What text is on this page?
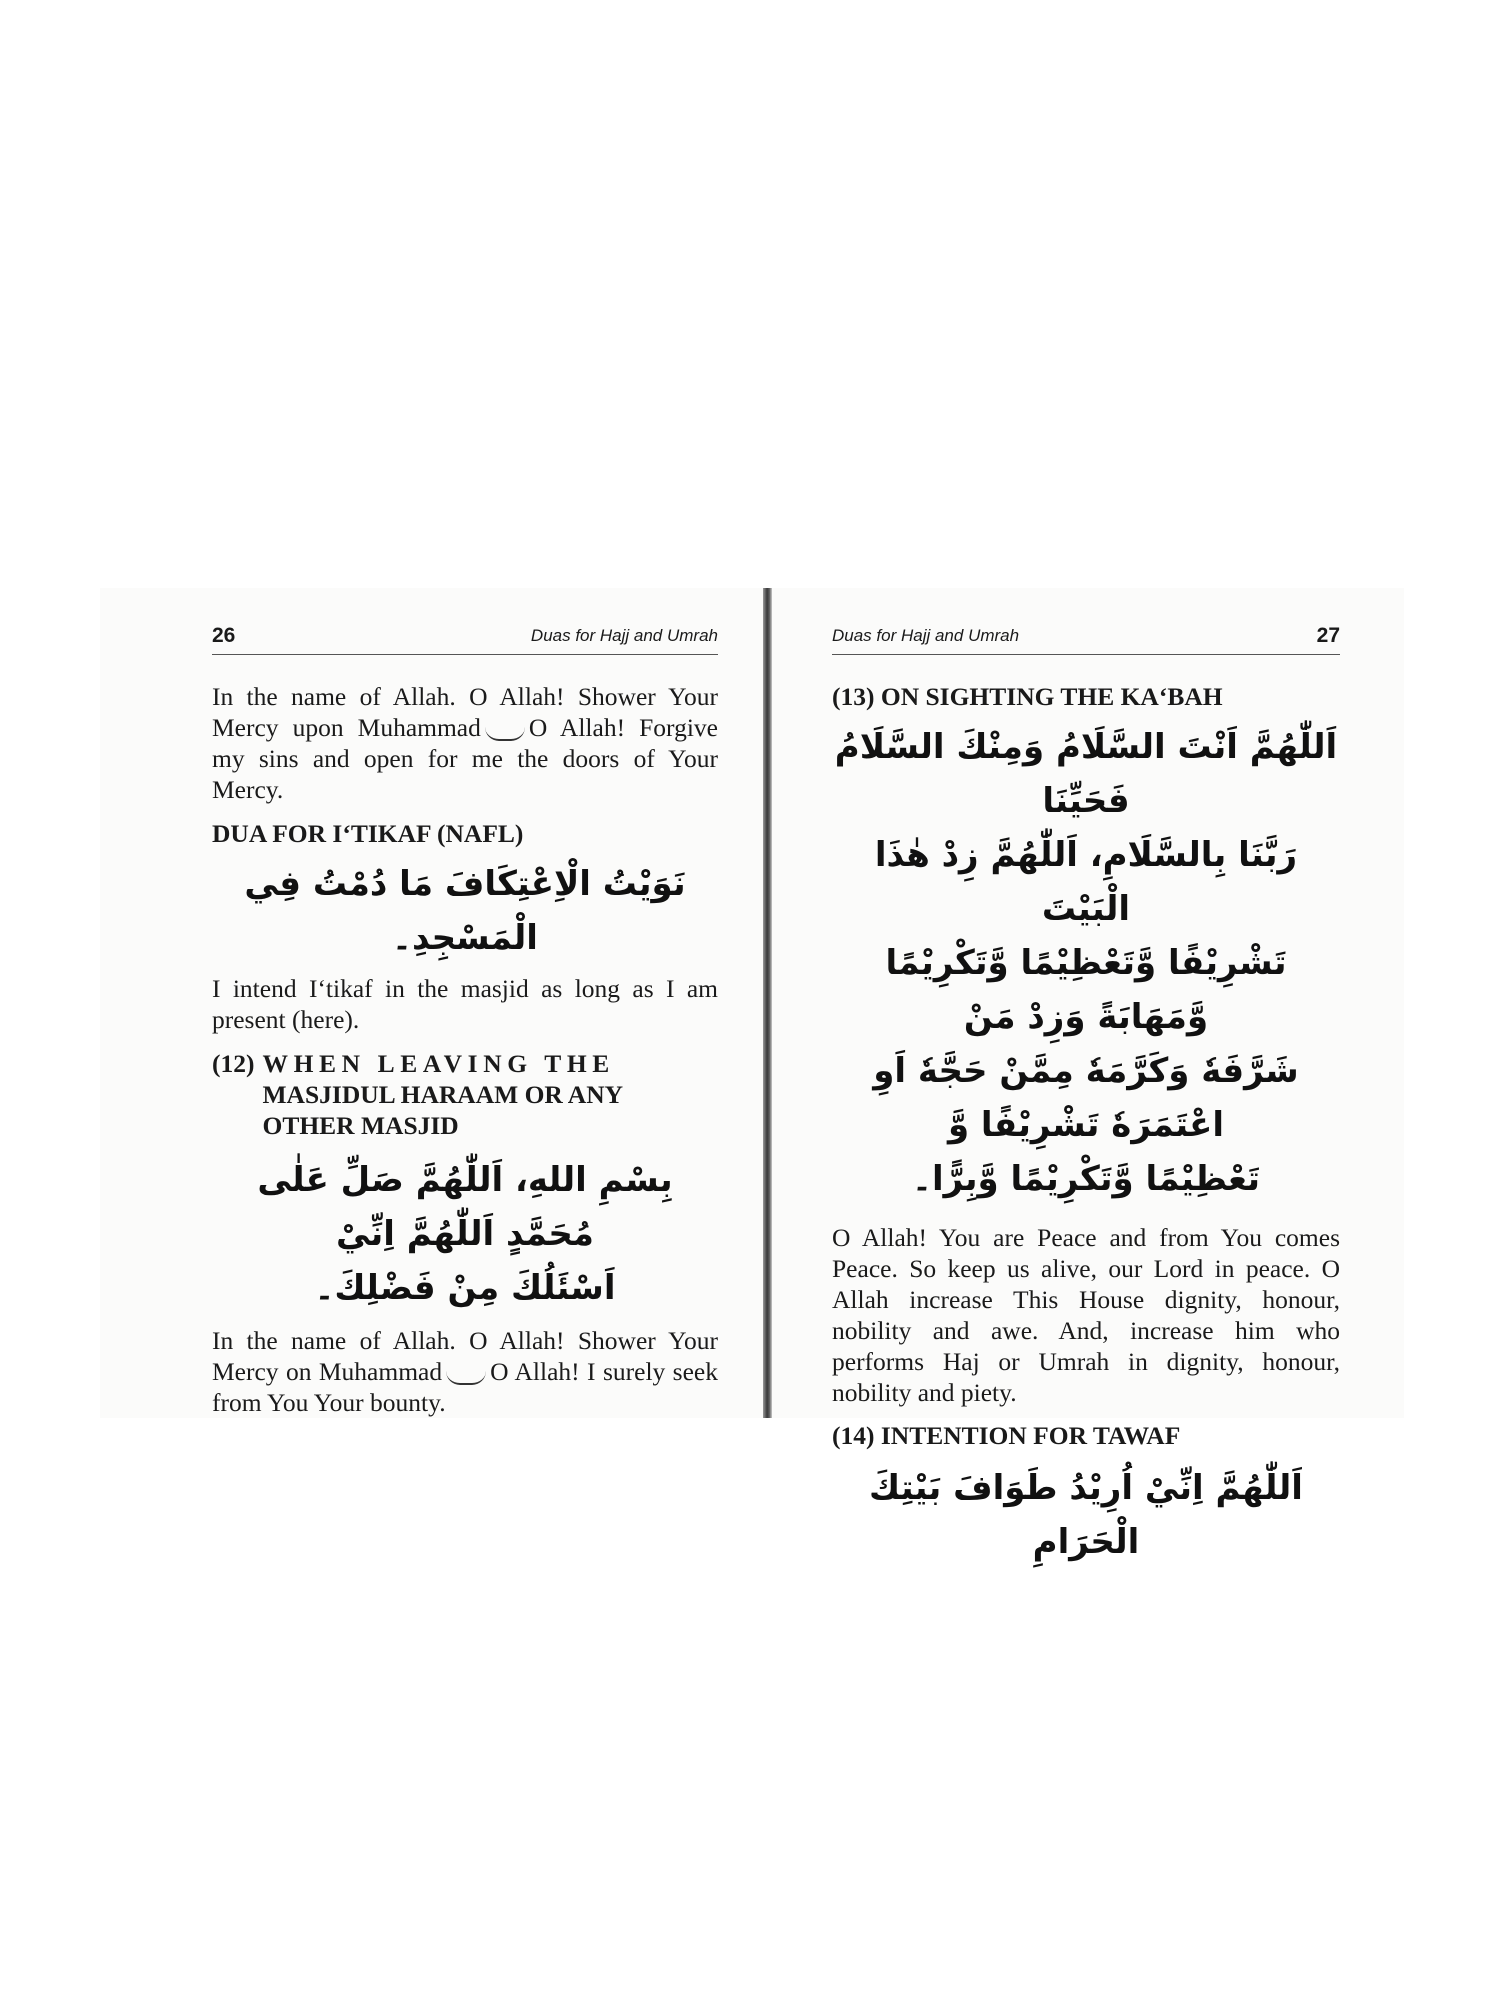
26	Duas for Hajj and Umrah

In the name of Allah. O Allah! Shower Your Mercy upon Muhammad O Allah! Forgive my sins and open for me the doors of Your Mercy.

DUA FOR I‘TIKAF (NAFL)

نَوَيْتُ الْاِعْتِكَافَ مَا دُمْتُ فِي الْمَسْجِدِ۔

I intend I‘tikaf in the masjid as long as I am present (here).

(12) WHEN LEAVING THE MASJIDUL HARAAM OR ANY OTHER MASJID

بِسْمِ اللهِ، اَللّٰهُمَّ صَلِّ عَلٰى مُحَمَّدٍ اَللّٰهُمَّ اِنِّيْ

اَسْئَلُكَ مِنْ فَضْلِكَ۔

In the name of Allah. O Allah! Shower Your Mercy on Muhammad O Allah! I surely seek from You Your bounty.

Duas for Hajj and Umrah	27

(13) ON SIGHTING THE KA‘BAH

اَللّٰهُمَّ اَنْتَ السَّلَامُ وَمِنْكَ السَّلَامُ فَحَيِّنَا

رَبَّنَا بِالسَّلَامِ، اَللّٰهُمَّ زِدْ هٰذَا الْبَيْتَ

تَشْرِيْفًا وَّتَعْظِيْمًا وَّتَكْرِيْمًا وَّمَهَابَةً وَزِدْ مَنْ

شَرَّفَهٗ وَكَرَّمَهٗ مِمَّنْ حَجَّهٗ اَوِ اعْتَمَرَهٗ تَشْرِيْفًا وَّ

تَعْظِيْمًا وَّتَكْرِيْمًا وَّبِرًّا۔

O Allah! You are Peace and from You comes Peace. So keep us alive, our Lord in peace. O Allah increase This House dignity, honour, nobility and awe. And, increase him who performs Haj or Umrah in dignity, honour, nobility and piety.

(14) INTENTION FOR TAWAF

اَللّٰهُمَّ اِنِّيْ اُرِيْدُ طَوَافَ بَيْتِكَ الْحَرَامِ
